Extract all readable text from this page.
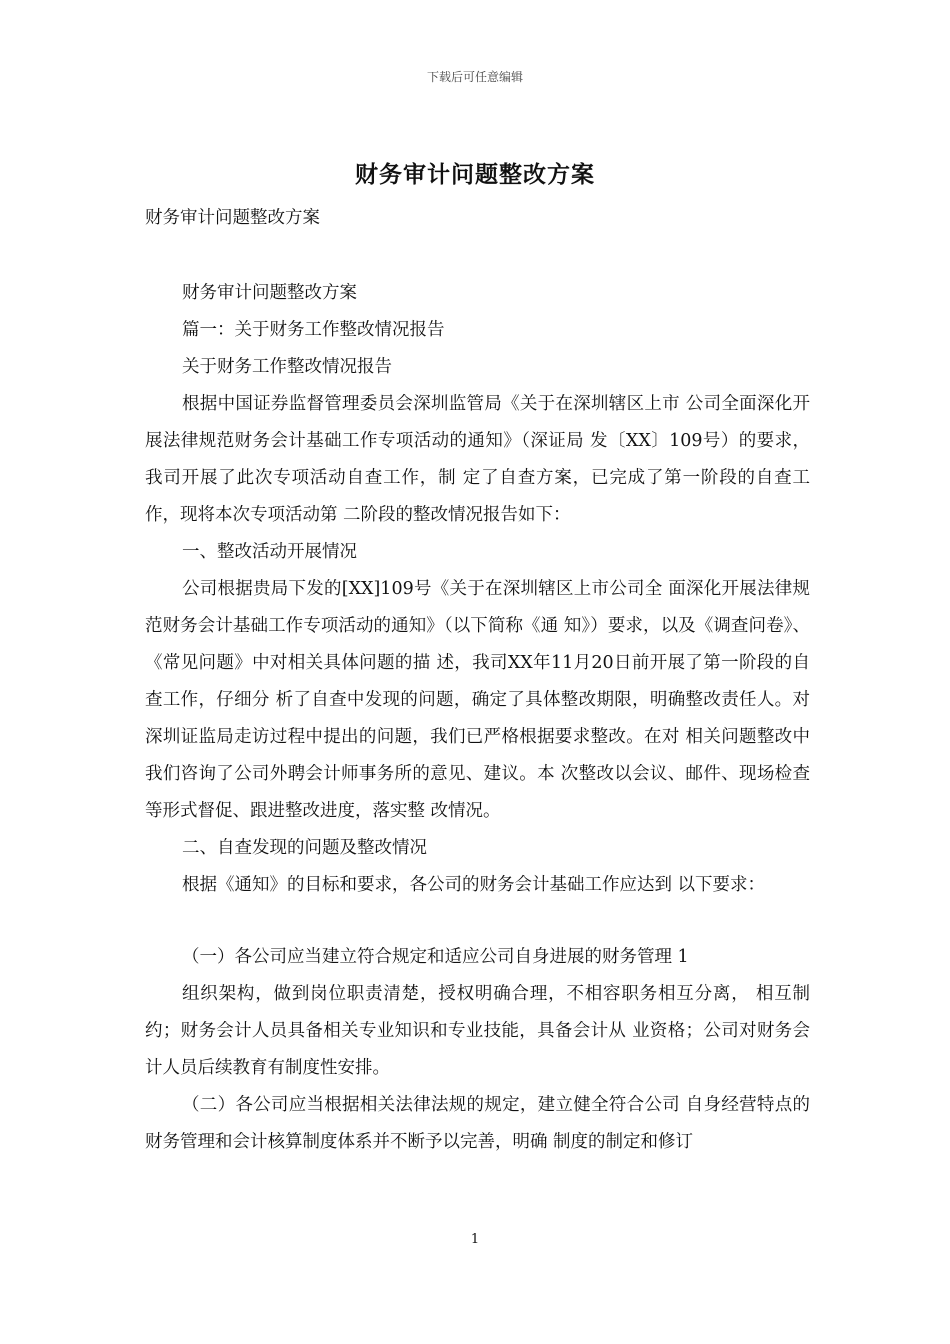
下载后可任意编辑
财务审计问题整改方案

财务审计问题整改方案

财务审计问题整改方案

篇一：关于财务工作整改情况报告

关于财务工作整改情况报告

根据中国证券监督管理委员会深圳监管局《关于在深圳辖区上市 公司全面深化开展法律规范财务会计基础工作专项活动的通知》（深证局 发〔XX〕109号）的要求，我司开展了此次专项活动自查工作，制 定了自查方案，已完成了第一阶段的自查工作，现将本次专项活动第 二阶段的整改情况报告如下：

一、整改活动开展情况

公司根据贵局下发的[XX]109号《关于在深圳辖区上市公司全 面深化开展法律规范财务会计基础工作专项活动的通知》（以下简称《通 知》）要求，以及《调查问卷》、《常见问题》中对相关具体问题的描 述，我司XX年11月20日前开展了第一阶段的自查工作，仔细分 析了自查中发现的问题，确定了具体整改期限，明确整改责任人。对 深圳证监局走访过程中提出的问题，我们已严格根据要求整改。在对 相关问题整改中我们咨询了公司外聘会计师事务所的意见、建议。本 次整改以会议、邮件、现场检查等形式督促、跟进整改进度，落实整 改情况。

二、自查发现的问题及整改情况

根据《通知》的目标和要求，各公司的财务会计基础工作应达到 以下要求：

（一）各公司应当建立符合规定和适应公司自身进展的财务管理 1

组织架构，做到岗位职责清楚，授权明确合理，不相容职务相互分离， 相互制约；财务会计人员具备相关专业知识和专业技能，具备会计从 业资格；公司对财务会计人员后续教育有制度性安排。

（二）各公司应当根据相关法律法规的规定，建立健全符合公司 自身经营特点的财务管理和会计核算制度体系并不断予以完善，明确 制度的制定和修订

1
